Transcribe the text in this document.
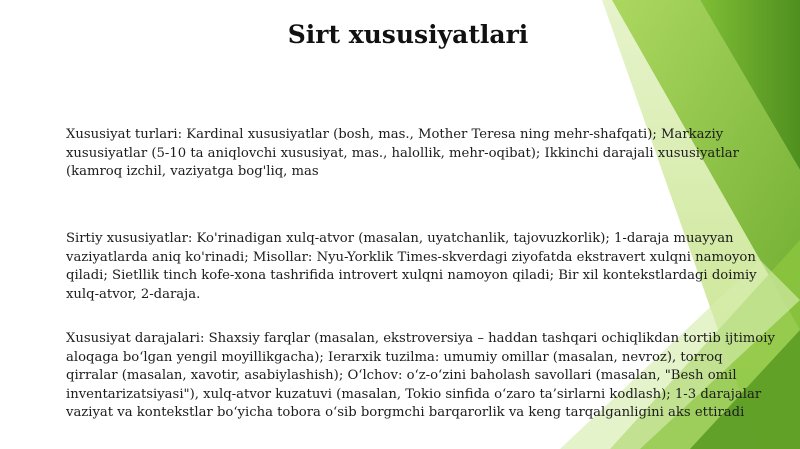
Sirt xususiyatlari

Xususiyat turlari: Kardinal xususiyatlar (bosh, mas., Mother Teresa ning mehr-shafqati); Markaziy xususiyatlar (5-10 ta aniqlovchi xususiyat, mas., halollik, mehr-oqibat); Ikkinchi darajali xususiyatlar (kamroq izchil, vaziyatga bog'liq, mas

Sirtiy xususiyatlar: Ko'rinadigan xulq-atvor (masalan, uyatchanlik, tajovuzkorlik); 1-daraja muayyan vaziyatlarda aniq ko'rinadi; Misollar: Nyu-Yorklik Times-skverdagi ziyofatda ekstravert xulqni namoyon qiladi; Sietllik tinch kofe-xona tashrifida introvert xulqni namoyon qiladi; Bir xil kontekstlardagi doimiy xulq-atvor, 2-daraja.

Xususiyat darajalari: Shaxsiy farqlar (masalan, ekstroversiya – haddan tashqari ochiqlikdan tortib ijtimoiy aloqaga bo‘lgan yengil moyillikgacha); Ierarxik tuzilma: umumiy omillar (masalan, nevroz), torroq qirralar (masalan, xavotir, asabiylashish); O‘lchov: o‘z-o‘zini baholash savollari (masalan, "Besh omil inventarizatsiyasi"), xulq-atvor kuzatuvi (masalan, Tokio sinfida o‘zaro ta’sirlarni kodlash); 1-3 darajalar vaziyat va kontekstlar bo‘yicha tobora o‘sib borgmchi barqarorlik va keng tarqalganligini aks ettiradi
